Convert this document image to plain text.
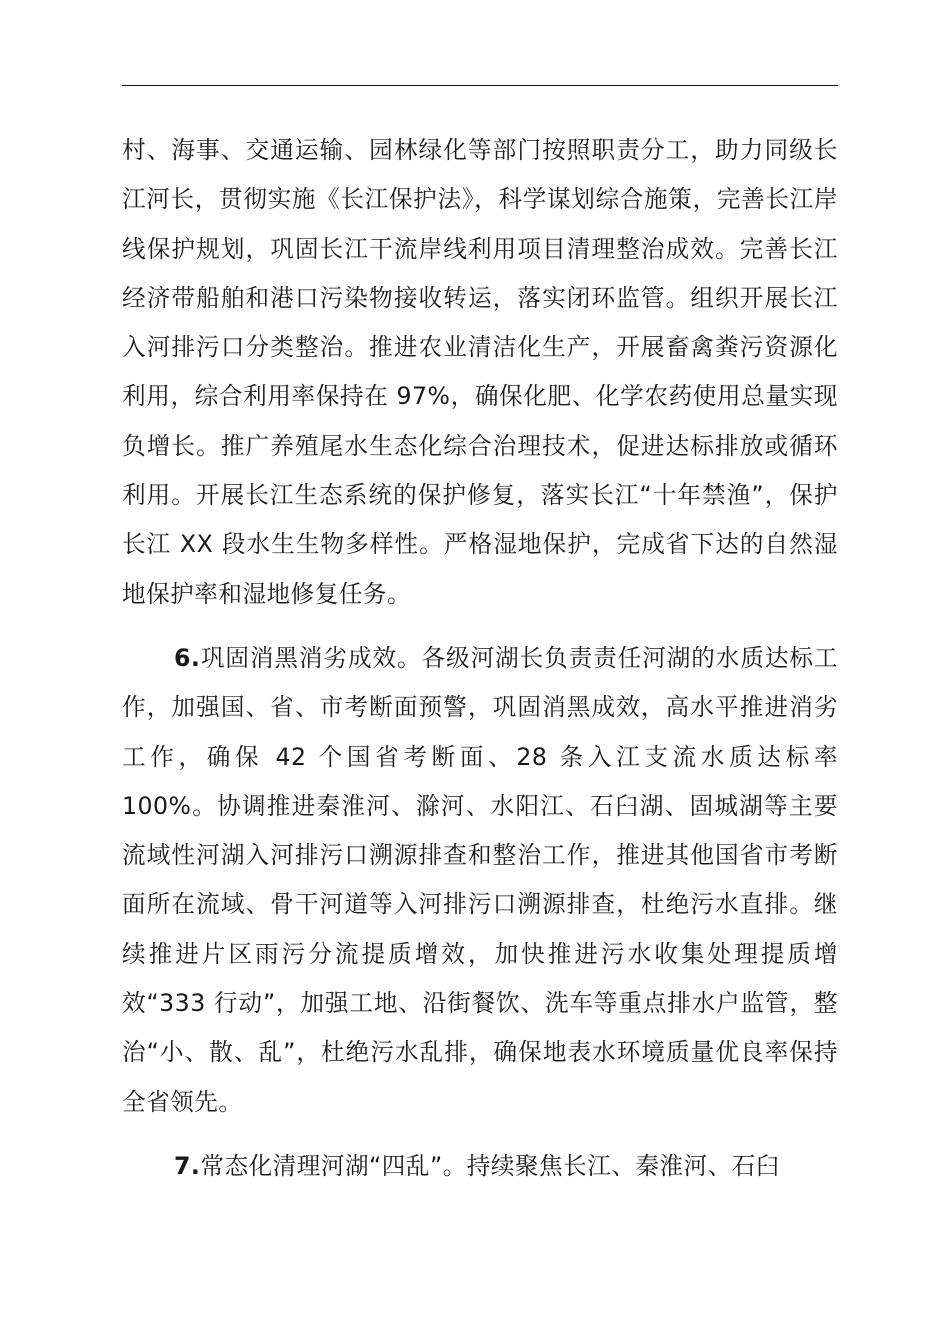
村、海事、交通运输、园林绿化等部门按照职责分工，助力同级长江河长，贯彻实施《长江保护法》，科学谋划综合施策，完善长江岸线保护规划，巩固长江干流岸线利用项目清理整治成效。完善长江经济带船舶和港口污染物接收转运，落实闭环监管。组织开展长江入河排污口分类整治。推进农业清洁化生产，开展畜禽粪污资源化利用，综合利用率保持在 97%，确保化肥、化学农药使用总量实现负增长。推广养殖尾水生态化综合治理技术，促进达标排放或循环利用。开展长江生态系统的保护修复，落实长江“十年禁渔”，保护长江 XX 段水生生物多样性。严格湿地保护，完成省下达的自然湿地保护率和湿地修复任务。

6.巩固消黑消劣成效。各级河湖长负责责任河湖的水质达标工作，加强国、省、市考断面预警，巩固消黑成效，高水平推进消劣工作，确保 42 个国省考断面、28 条入江支流水质达标率 100%。协调推进秦淮河、滁河、水阳江、石臼湖、固城湖等主要流域性河湖入河排污口溯源排查和整治工作，推进其他国省市考断面所在流域、骨干河道等入河排污口溯源排查，杜绝污水直排。继续推进片区雨污分流提质增效，加快推进污水收集处理提质增效“333 行动”，加强工地、沿街餐饮、洗车等重点排水户监管，整治“小、散、乱”，杜绝污水乱排，确保地表水环境质量优良率保持全省领先。

7.常态化清理河湖“四乱”。持续聚焦长江、秦淮河、石臼
